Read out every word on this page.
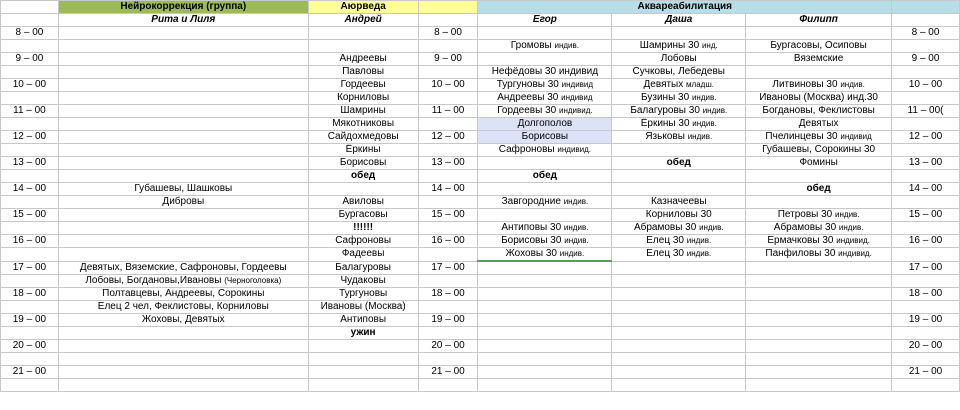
	Нейрокоррекция (группа)	Аюрведа		Аквареабилитация			
	Рита и Лиля	Андрей		Егор	Даша	Филипп	
8 – 00			8 – 00				8 – 00
				Громовы индив.	Шамрины 30 инд.	Бургасовы, Осиповы	
9 – 00		Андреевы	9 – 00		Лобовы	Вяземские	9 – 00
		Павловы		Нефёдовы 30 индивид	Сучковы, Лебедевы		
10 – 00		Гордеевы	10 – 00	Тургуновы 30 индивид	Девятых младш.	Литвиновы 30 индив.	10 – 00
		Корниловы		Андреевы 30 индивид	Бузины 30 индив.	Ивановы (Москва) инд.30	
11 – 00		Шамрины	11 – 00	Гордеевы 30 индивид.	Балагуровы 30 индив.	Богдановы, Феклистовы	11 – 00(
		Мякотниковы		Долгополов	Ёркины 30 индив.	Девятых	
12 – 00		Сайдохмедовы	12 – 00	Борисовы	Язьковы индив.	Пчелинцевы 30 индивид	12 – 00
		Ёркины		Сафроновы индивид.		Губашевы, Сорокины 30	
13 – 00		Борисовы	13 – 00		обед	Фомины	13 – 00
		обед		обед			
14 – 00	Губашевы, Шашковы		14 – 00			обед	14 – 00
	Дибровы	Авиловы		Завгородние индив.	Казначеевы		
15 – 00		Бургасовы	15 – 00		Корниловы 30	Петровы 30 индив.	15 – 00
		!!!!!!		Антиповы 30 индив.	Абрамовы 30 индив.	Абрамовы 30 индив.	
16 – 00		Сафроновы	16 – 00	Борисовы 30 индив.	Елец 30 индив.	Ермачковы 30 индивид.	16 – 00
		Фадеевы		Жоховы 30 индив.	Елец 30 индив.	Панфиловы 30 индивид.	
17 – 00	Девятых, Вяземские, Сафроновы, Гордеевы	Балагуровы	17 – 00				17 – 00
	Лобовы, Богдановы,Ивановы (Черноголовка)	Чудаковы					
18 – 00	Полтавцевы, Андреевы, Сорокины	Тургуновы	18 – 00				18 – 00
	Елец 2 чел, Феклистовы, Корниловы	Ивановы (Москва)					
19 – 00	Жоховы, Девятых	Антиповы	19 – 00				19 – 00
		ужин					
20 – 00			20 – 00				20 – 00

21 – 00			21 – 00				21 – 00
